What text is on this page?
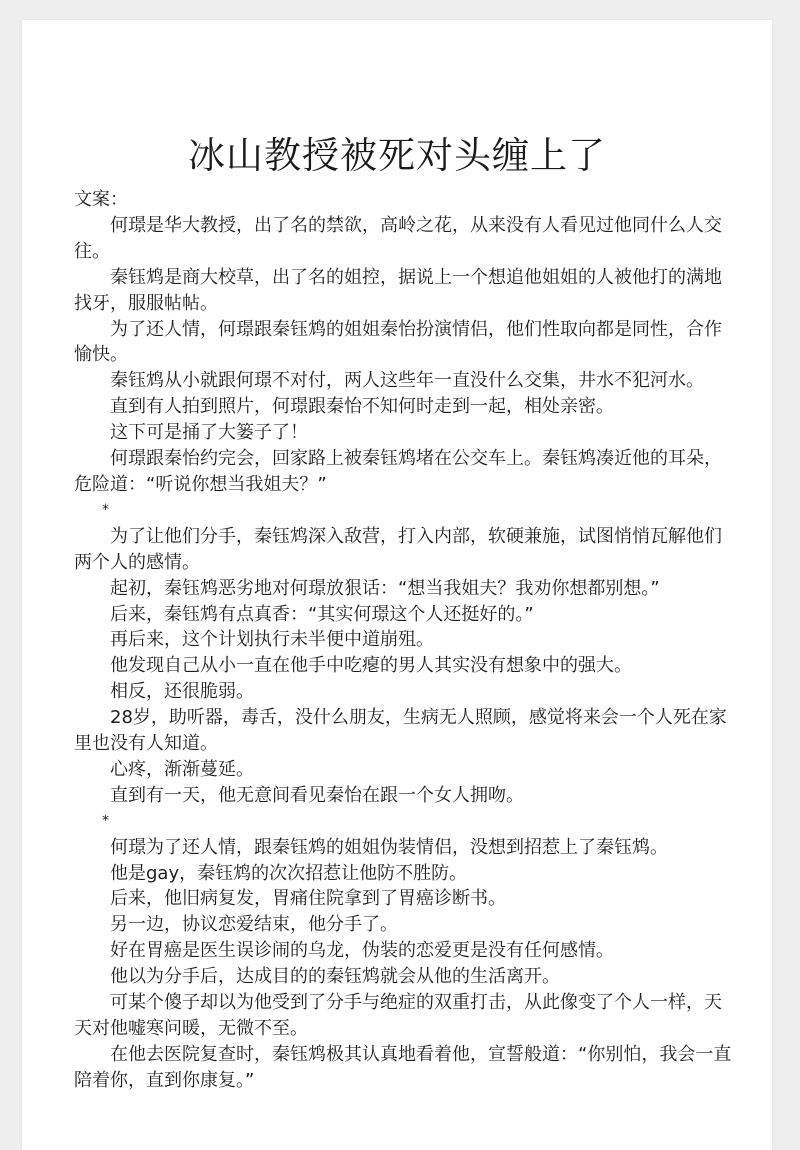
冰山教授被死对头缠上了

文案：

何璟是华大教授，出了名的禁欲，高岭之花，从来没有人看见过他同什么人交往。

秦钰鸩是商大校草，出了名的姐控，据说上一个想追他姐姐的人被他打的满地找牙，服服帖帖。

为了还人情，何璟跟秦钰鸩的姐姐秦怡扮演情侣，他们性取向都是同性，合作愉快。

秦钰鸩从小就跟何璟不对付，两人这些年一直没什么交集，井水不犯河水。

直到有人拍到照片，何璟跟秦怡不知何时走到一起，相处亲密。

这下可是捅了大篓子了！

何璟跟秦怡约完会，回家路上被秦钰鸩堵在公交车上。秦钰鸩凑近他的耳朵，危险道：“听说你想当我姐夫？”

*

为了让他们分手，秦钰鸩深入敌营，打入内部，软硬兼施，试图悄悄瓦解他们两个人的感情。

起初，秦钰鸩恶劣地对何璟放狠话：“想当我姐夫？我劝你想都别想。”

后来，秦钰鸩有点真香：“其实何璟这个人还挺好的。”

再后来，这个计划执行未半便中道崩殂。

他发现自己从小一直在他手中吃瘪的男人其实没有想象中的强大。

相反，还很脆弱。

28岁，助听器，毒舌，没什么朋友，生病无人照顾，感觉将来会一个人死在家里也没有人知道。

心疼，渐渐蔓延。

直到有一天，他无意间看见秦怡在跟一个女人拥吻。

*

何璟为了还人情，跟秦钰鸩的姐姐伪装情侣，没想到招惹上了秦钰鸩。

他是gay，秦钰鸩的次次招惹让他防不胜防。

后来，他旧病复发，胃痛住院拿到了胃癌诊断书。

另一边，协议恋爱结束，他分手了。

好在胃癌是医生误诊闹的乌龙，伪装的恋爱更是没有任何感情。

他以为分手后，达成目的的秦钰鸩就会从他的生活离开。

可某个傻子却以为他受到了分手与绝症的双重打击，从此像变了个人一样，天天对他嘘寒问暖，无微不至。

在他去医院复查时，秦钰鸩极其认真地看着他，宣誓般道：“你别怕，我会一直陪着你，直到你康复。”
